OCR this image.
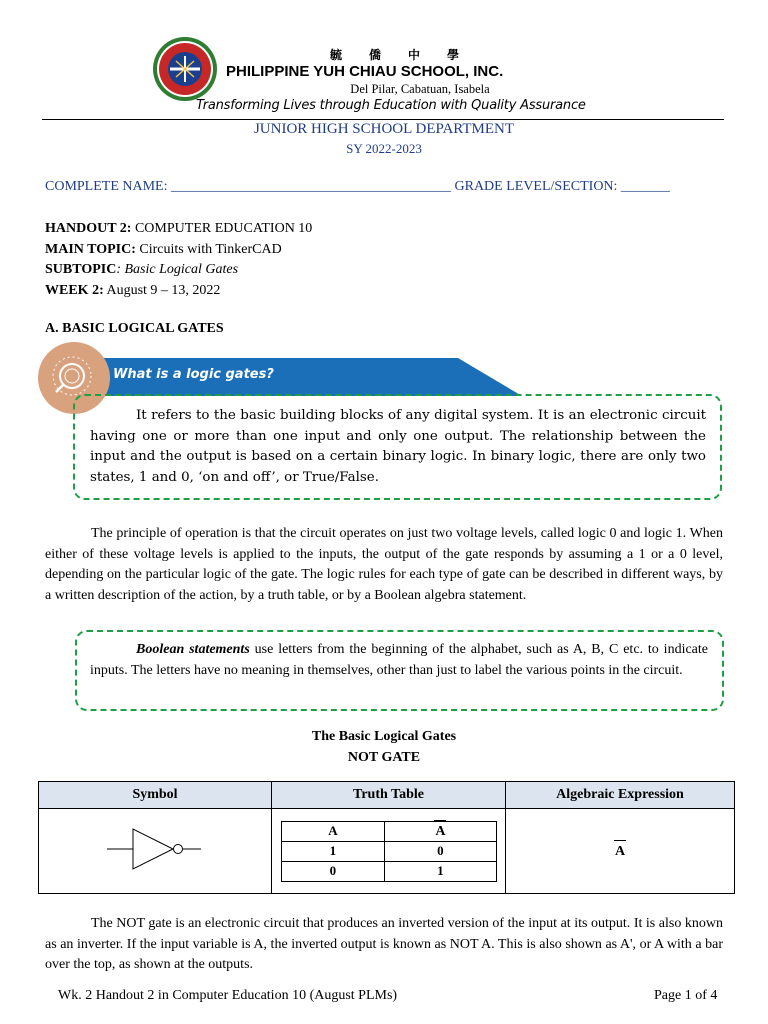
毓 僑 中 學
PHILIPPINE YUH CHIAU SCHOOL, INC.
Del Pilar, Cabatuan, Isabela
Transforming Lives through Education with Quality Assurance
JUNIOR HIGH SCHOOL DEPARTMENT
SY 2022-2023
COMPLETE NAME: ________________________________________ GRADE LEVEL/SECTION: _______
HANDOUT 2: COMPUTER EDUCATION 10
MAIN TOPIC: Circuits with TinkerCAD
SUBTOPIC: Basic Logical Gates
WEEK 2: August 9 – 13, 2022
A. BASIC LOGICAL GATES
What is a logic gates?
It refers to the basic building blocks of any digital system. It is an electronic circuit having one or more than one input and only one output. The relationship between the input and the output is based on a certain binary logic. In binary logic, there are only two states, 1 and 0, ‘on and off’, or True/False.
The principle of operation is that the circuit operates on just two voltage levels, called logic 0 and logic 1. When either of these voltage levels is applied to the inputs, the output of the gate responds by assuming a 1 or a 0 level, depending on the particular logic of the gate. The logic rules for each type of gate can be described in different ways, by a written description of the action, by a truth table, or by a Boolean algebra statement.
Boolean statements use letters from the beginning of the alphabet, such as A, B, C etc. to indicate inputs. The letters have no meaning in themselves, other than just to label the various points in the circuit.
The Basic Logical Gates
NOT GATE
Symbol	Truth Table	Algebraic Expression

A	A
1	0
0	1
	A
The NOT gate is an electronic circuit that produces an inverted version of the input at its output. It is also known as an inverter. If the input variable is A, the inverted output is known as NOT A. This is also shown as A', or A with a bar over the top, as shown at the outputs.
Wk. 2 Handout 2 in Computer Education 10 (August PLMs)	Page 1 of 4
